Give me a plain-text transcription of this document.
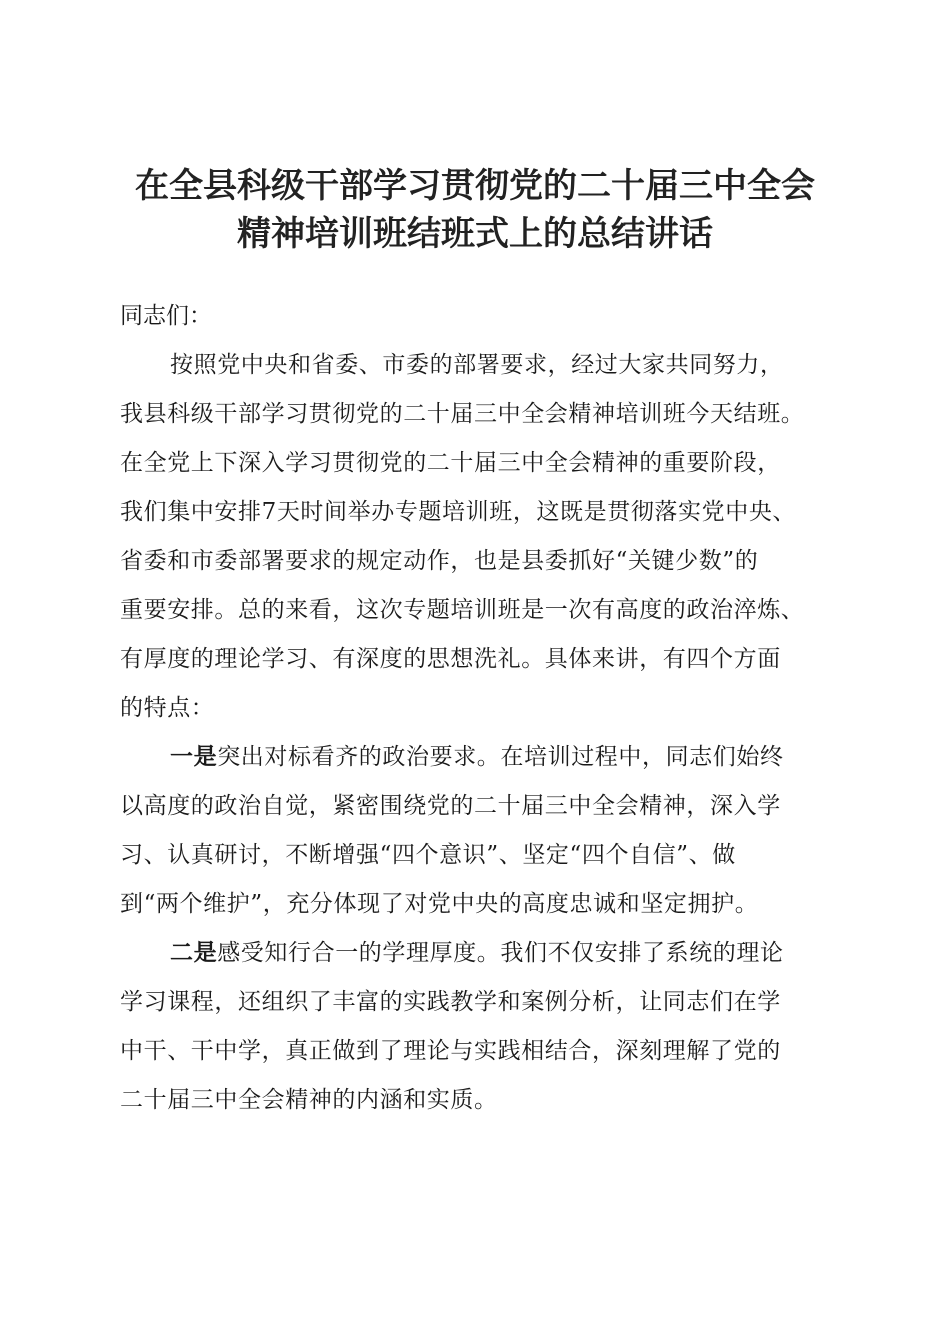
在全县科级干部学习贯彻党的二十届三中全会
精神培训班结班式上的总结讲话

同志们：

按照党中央和省委、市委的部署要求，经过大家共同努力，
我县科级干部学习贯彻党的二十届三中全会精神培训班今天结班。
在全党上下深入学习贯彻党的二十届三中全会精神的重要阶段，
我们集中安排7天时间举办专题培训班，这既是贯彻落实党中央、
省委和市委部署要求的规定动作，也是县委抓好“关键少数”的
重要安排。总的来看，这次专题培训班是一次有高度的政治淬炼、
有厚度的理论学习、有深度的思想洗礼。具体来讲，有四个方面
的特点：

一是突出对标看齐的政治要求。在培训过程中，同志们始终
以高度的政治自觉，紧密围绕党的二十届三中全会精神，深入学
习、认真研讨，不断增强“四个意识”、坚定“四个自信”、做
到“两个维护”，充分体现了对党中央的高度忠诚和坚定拥护。

二是感受知行合一的学理厚度。我们不仅安排了系统的理论
学习课程，还组织了丰富的实践教学和案例分析，让同志们在学
中干、干中学，真正做到了理论与实践相结合，深刻理解了党的
二十届三中全会精神的内涵和实质。
